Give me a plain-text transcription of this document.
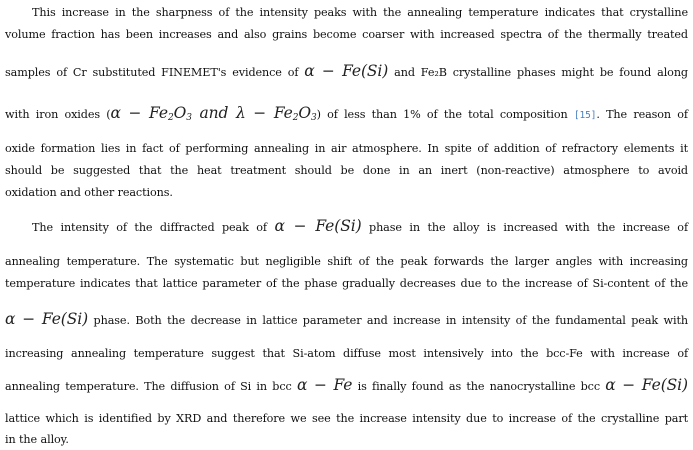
This increase in the sharpness of the intensity peaks with the annealing temperature indicates that crystalline
volume fraction has been increases and also grains become coarser with increased spectra of the thermally treated
samples of Cr substituted FINEMET's evidence of α − Fe(Si) and Fe₂B crystalline phases might be found along
with iron oxides ($\alpha - Fe_2O_3$ and $\lambda - Fe_2O_3$) of less than 1% of the total composition [15]. The reason of
oxide formation lies in fact of performing annealing in air atmosphere. In spite of addition of refractory elements it
should be suggested that the heat treatment should be done in an inert (non-reactive) atmosphere to avoid
oxidation and other reactions.
The intensity of the diffracted peak of α − Fe(Si) phase in the alloy is increased with the increase of
annealing temperature. The systematic but negligible shift of the peak forwards the larger angles with increasing
temperature indicates that lattice parameter of the phase gradually decreases due to the increase of Si-content of the
α − Fe(Si) phase. Both the decrease in lattice parameter and increase in intensity of the fundamental peak with
increasing annealing temperature suggest that Si-atom diffuse most intensively into the bcc-Fe with increase of
annealing temperature. The diffusion of Si in bcc α − Fe is finally found as the nanocrystalline bcc α − Fe(Si)
lattice which is identified by XRD and therefore we see the increase intensity due to increase of the crystalline part
in the alloy.
